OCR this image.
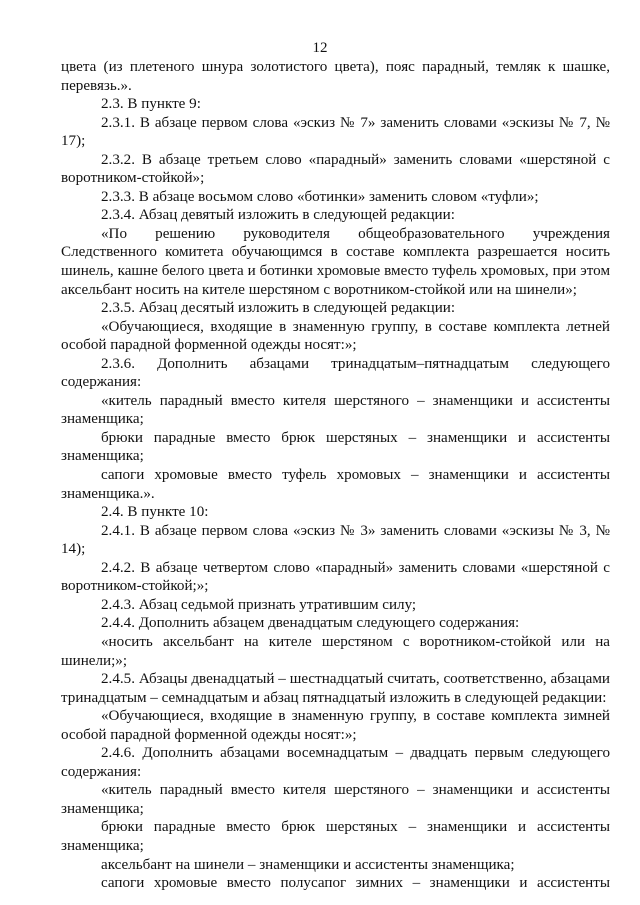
12

цвета (из плетеного шнура золотистого цвета), пояс парадный, темляк к шашке, перевязь.».

2.3. В пункте 9:

2.3.1. В абзаце первом слова «эскиз № 7» заменить словами «эскизы № 7, № 17);

2.3.2. В абзаце третьем слово «парадный» заменить словами «шерстяной с воротником-стойкой»;

2.3.3. В абзаце восьмом слово «ботинки» заменить словом «туфли»;

2.3.4. Абзац девятый изложить в следующей редакции:

«По решению руководителя общеобразовательного учреждения Следственного комитета обучающимся в составе комплекта разрешается носить шинель, кашне белого цвета и ботинки хромовые вместо туфель хромовых, при этом аксельбант носить на кителе шерстяном с воротником-стойкой или на шинели»;

2.3.5. Абзац десятый изложить в следующей редакции:

«Обучающиеся, входящие в знаменную группу, в составе комплекта летней особой парадной форменной одежды носят:»;

2.3.6. Дополнить абзацами тринадцатым–пятнадцатым следующего содержания:

«китель парадный вместо кителя шерстяного – знаменщики и ассистенты знаменщика;

брюки парадные вместо брюк шерстяных – знаменщики и ассистенты знаменщика;

сапоги хромовые вместо туфель хромовых – знаменщики и ассистенты знаменщика.».

2.4. В пункте 10:

2.4.1. В абзаце первом слова «эскиз № 3» заменить словами «эскизы № 3, № 14);

2.4.2. В абзаце четвертом слово «парадный» заменить словами «шерстяной с воротником-стойкой;»;

2.4.3. Абзац седьмой признать утратившим силу;

2.4.4. Дополнить абзацем двенадцатым следующего содержания:

«носить аксельбант на кителе шерстяном с воротником-стойкой или на шинели;»;

2.4.5. Абзацы двенадцатый – шестнадцатый считать, соответственно, абзацами тринадцатым – семнадцатым и абзац пятнадцатый изложить в следующей редакции:

«Обучающиеся, входящие в знаменную группу, в составе комплекта зимней особой парадной форменной одежды носят:»;

2.4.6. Дополнить абзацами восемнадцатым – двадцать первым следующего содержания:

«китель парадный вместо кителя шерстяного – знаменщики и ассистенты знаменщика;

брюки парадные вместо брюк шерстяных – знаменщики и ассистенты знаменщика;

аксельбант на шинели – знаменщики и ассистенты знаменщика;

сапоги хромовые вместо полусапог зимних – знаменщики и ассистенты
